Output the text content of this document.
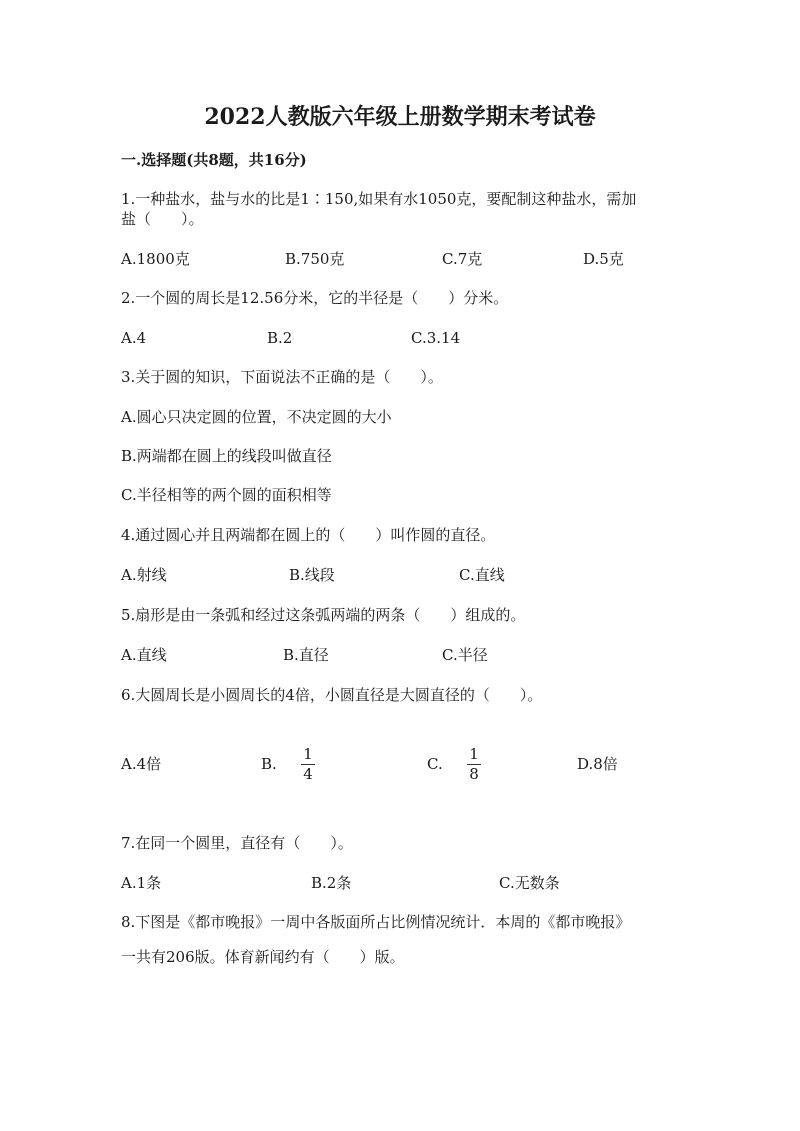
2022人教版六年级上册数学期末考试卷
一.选择题(共8题，共16分)
1.一种盐水，盐与水的比是1∶150,如果有水1050克，要配制这种盐水，需加
盐（　　）。
A.1800克	B.750克	C.7克	D.5克
2.一个圆的周长是12.56分米，它的半径是（　　）分米。
A.4	B.2	C.3.14
3.关于圆的知识，下面说法不正确的是（　　）。
A.圆心只决定圆的位置，不决定圆的大小
B.两端都在圆上的线段叫做直径
C.半径相等的两个圆的面积相等
4.通过圆心并且两端都在圆上的（　　）叫作圆的直径。
A.射线	B.线段	C.直线
5.扇形是由一条弧和经过这条弧两端的两条（　　）组成的。
A.直线	B.直径	C.半径
6.大圆周长是小圆周长的4倍，小圆直径是大圆直径的（　　）。
A.4倍	B.
1
4
C.
1
8
D.8倍
7.在同一个圆里，直径有（　　）。
A.1条	B.2条	C.无数条
8.下图是《都市晚报》一周中各版面所占比例情况统计．本周的《都市晚报》
一共有206版。体育新闻约有（　　）版。
